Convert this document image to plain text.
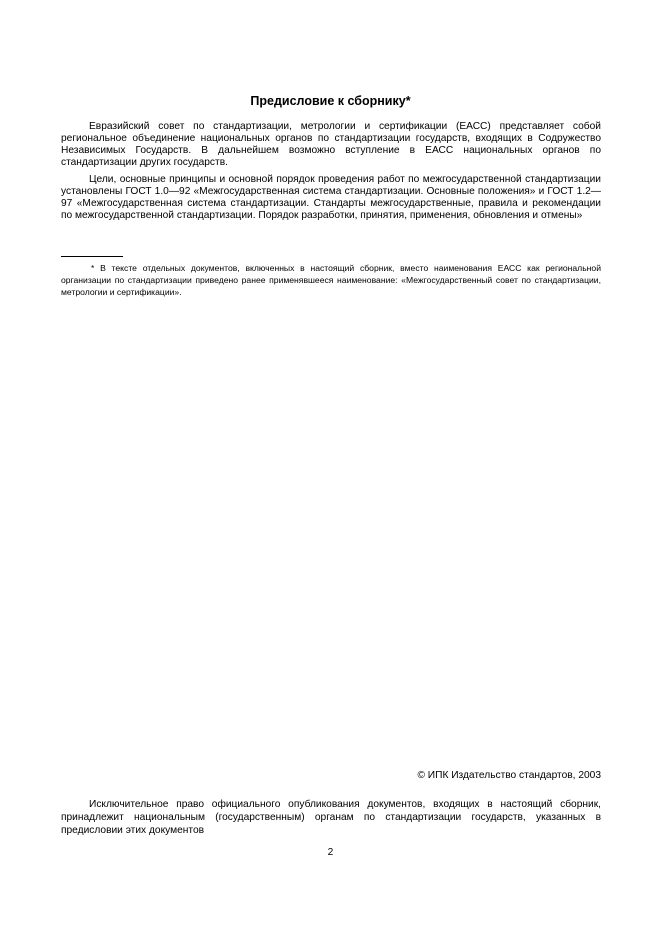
Предисловие к сборнику*

Евразийский совет по стандартизации, метрологии и сертификации (ЕАСС) представляет собой региональное объединение национальных органов по стандартизации государств, входящих в Содружество Независимых Государств. В дальнейшем возможно вступление в ЕАСС национальных органов по стандартизации других государств.

Цели, основные принципы и основной порядок проведения работ по межгосударственной стандартизации установлены ГОСТ 1.0—92 «Межгосударственная система стандартизации. Основные положения» и ГОСТ 1.2—97 «Межгосударственная система стандартизации. Стандарты межгосударственные, правила и рекомендации по межгосударственной стандартизации. Порядок разработки, принятия, применения, обновления и отмены»

* В тексте отдельных документов, включенных в настоящий сборник, вместо наименования ЕАСС как региональной организации по стандартизации приведено ранее применявшееся наименование: «Межгосударственный совет по стандартизации, метрологии и сертификации».

© ИПК Издательство стандартов, 2003

Исключительное право официального опубликования документов, входящих в настоящий сборник, принадлежит национальным (государственным) органам по стандартизации государств, указанных в предисловии этих документов

2
